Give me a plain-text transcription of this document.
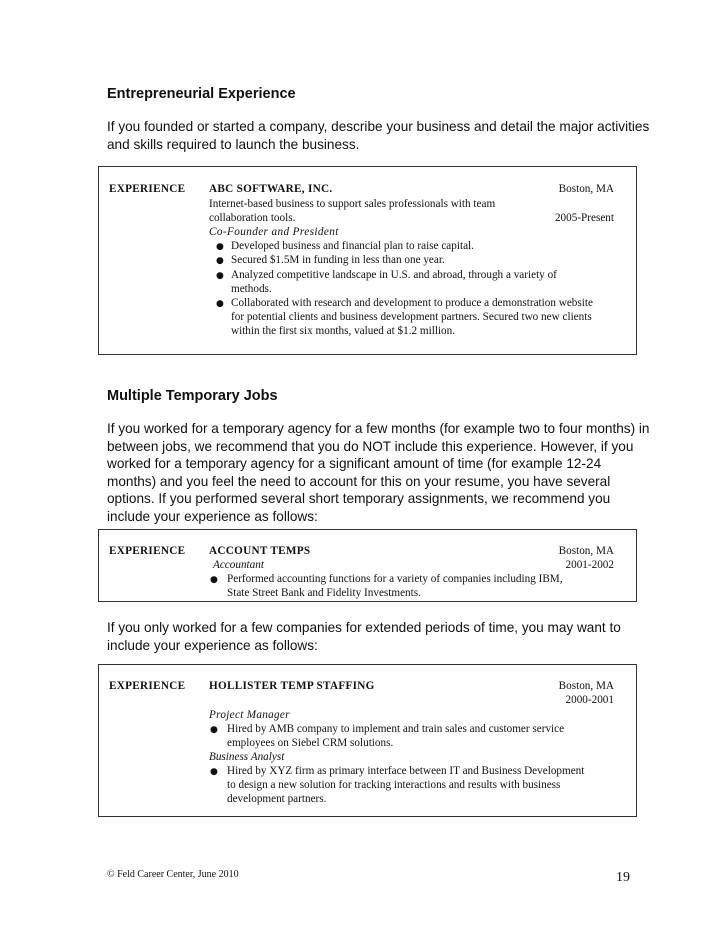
Entrepreneurial Experience
If you founded or started a company, describe your business and detail the major activities
and skills required to launch the business.
EXPERIENCE ABC SOFTWARE, INC.	Boston, MA
Internet-based business to support sales professionals with team
collaboration tools.	2005-Present
Co-Founder and President
● Developed business and financial plan to raise capital.
● Secured $1.5M in funding in less than one year.
● Analyzed competitive landscape in U.S. and abroad, through a variety of
methods.
● Collaborated with research and development to produce a demonstration website
for potential clients and business development partners. Secured two new clients
within the first six months, valued at $1.2 million.
Multiple Temporary Jobs
If you worked for a temporary agency for a few months (for example two to four months) in
between jobs, we recommend that you do NOT include this experience. However, if you
worked for a temporary agency for a significant amount of time (for example 12-24
months) and you feel the need to account for this on your resume, you have several
options. If you performed several short temporary assignments, we recommend you
include your experience as follows:
EXPERIENCE ACCOUNT TEMPS	Boston, MA
Accountant	2001-2002
● Performed accounting functions for a variety of companies including IBM,
State Street Bank and Fidelity Investments.
If you only worked for a few companies for extended periods of time, you may want to
include your experience as follows:
EXPERIENCE HOLLISTER TEMP STAFFING	Boston, MA
2000-2001
Project Manager
● Hired by AMB company to implement and train sales and customer service
employees on Siebel CRM solutions.
Business Analyst
● Hired by XYZ firm as primary interface between IT and Business Development
to design a new solution for tracking interactions and results with business
development partners.
© Feld Career Center, June 2010	19
